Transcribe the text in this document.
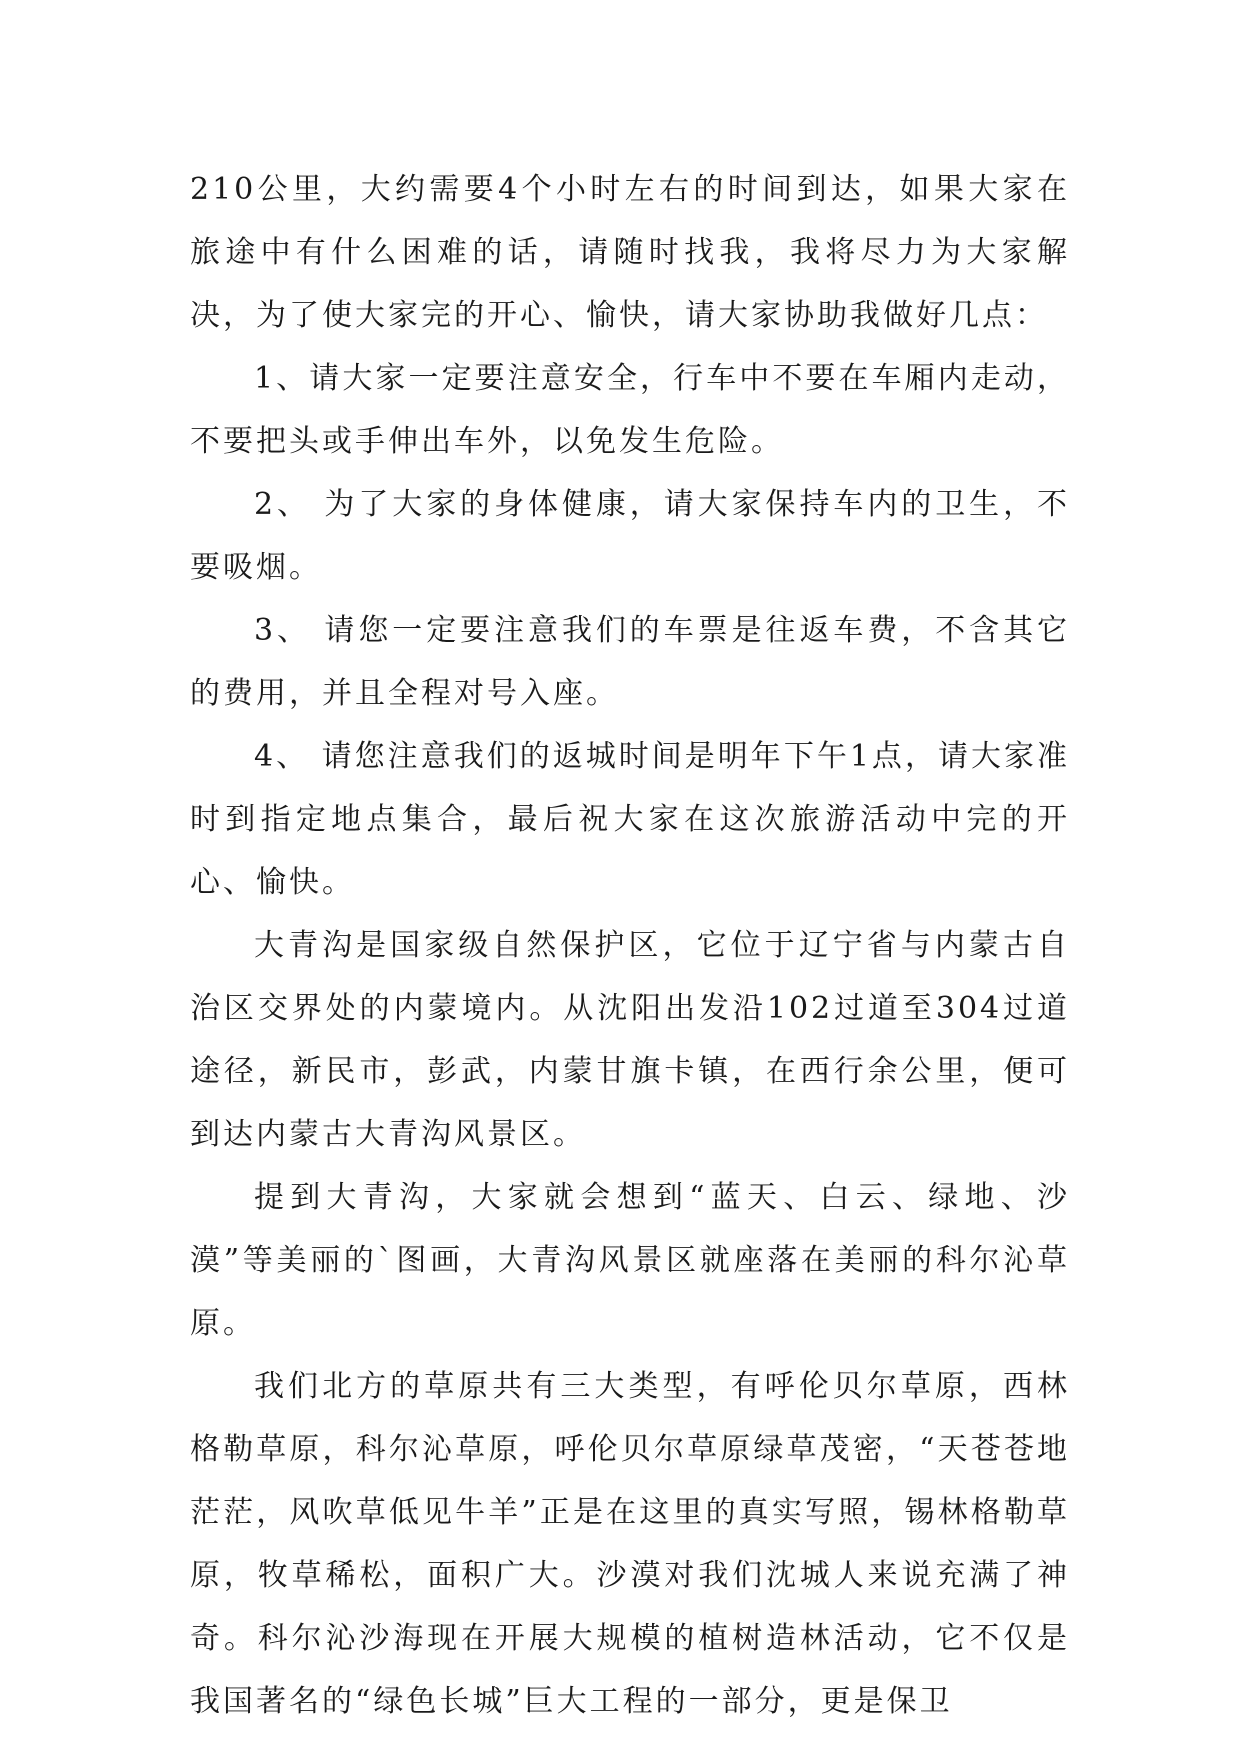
210公里，大约需要4个小时左右的时间到达，如果大家在旅途中有什么困难的话，请随时找我，我将尽力为大家解决，为了使大家完的开心、愉快，请大家协助我做好几点：

1、请大家一定要注意安全，行车中不要在车厢内走动，不要把头或手伸出车外，以免发生危险。

2、 为了大家的身体健康，请大家保持车内的卫生，不要吸烟。

3、 请您一定要注意我们的车票是往返车费，不含其它的费用，并且全程对号入座。

4、 请您注意我们的返城时间是明年下午1点，请大家准时到指定地点集合，最后祝大家在这次旅游活动中完的开心、愉快。

大青沟是国家级自然保护区，它位于辽宁省与内蒙古自治区交界处的内蒙境内。从沈阳出发沿102过道至304过道途径，新民市，彭武，内蒙甘旗卡镇，在西行余公里，便可到达内蒙古大青沟风景区。

提到大青沟，大家就会想到“蓝天、白云、绿地、沙漠”等美丽的`图画，大青沟风景区就座落在美丽的科尔沁草原。

我们北方的草原共有三大类型，有呼伦贝尔草原，西林格勒草原，科尔沁草原，呼伦贝尔草原绿草茂密，“天苍苍地茫茫，风吹草低见牛羊”正是在这里的真实写照，锡林格勒草原，牧草稀松，面积广大。沙漠对我们沈城人来说充满了神奇。科尔沁沙海现在开展大规模的植树造林活动，它不仅是我国著名的“绿色长城”巨大工程的一部分，更是保卫
